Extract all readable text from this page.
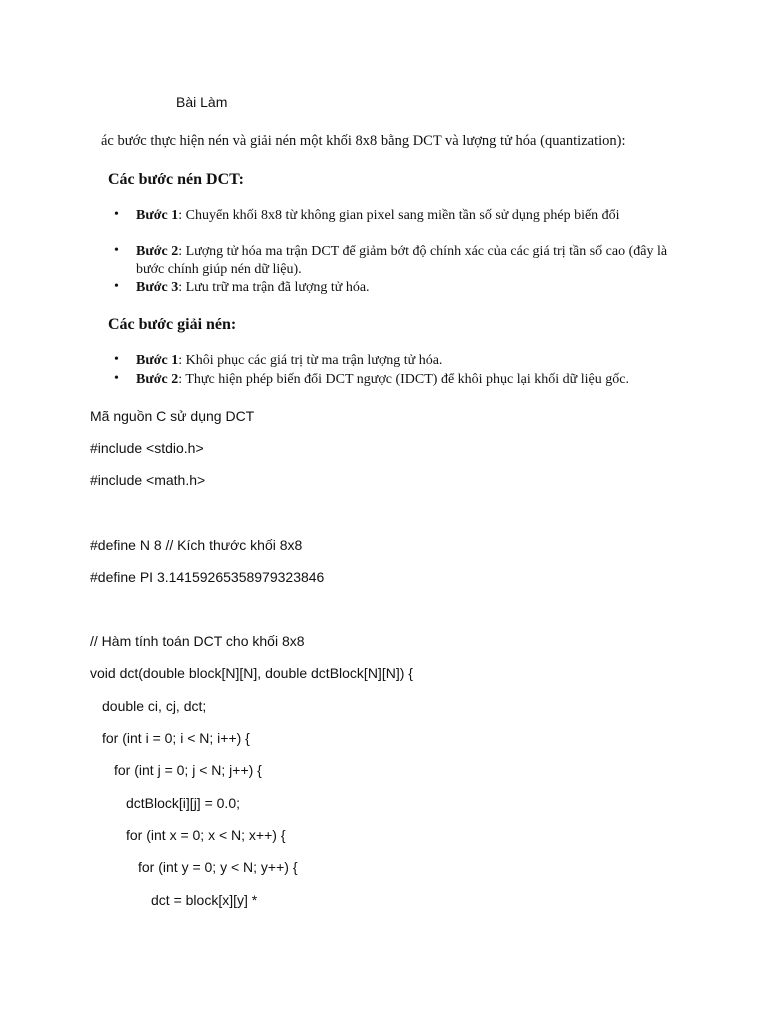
Bài Làm
ác bước thực hiện nén và giải nén một khối 8x8 bằng DCT và lượng tử hóa (quantization):
Các bước nén DCT:
• Bước 1: Chuyển khối 8x8 từ không gian pixel sang miền tần số sử dụng phép biến đổi
• Bước 2: Lượng tử hóa ma trận DCT để giảm bớt độ chính xác của các giá trị tần số cao (đây là bước chính giúp nén dữ liệu).
• Bước 3: Lưu trữ ma trận đã lượng tử hóa.
Các bước giải nén:
• Bước 1: Khôi phục các giá trị từ ma trận lượng tử hóa.
• Bước 2: Thực hiện phép biến đổi DCT ngược (IDCT) để khôi phục lại khối dữ liệu gốc.
Mã nguồn C sử dụng DCT
#include <stdio.h>
#include <math.h>
#define N 8 // Kích thước khối 8x8
#define PI 3.14159265358979323846
// Hàm tính toán DCT cho khối 8x8
void dct(double block[N][N], double dctBlock[N][N]) {
double ci, cj, dct;
for (int i = 0; i < N; i++) {
for (int j = 0; j < N; j++) {
dctBlock[i][j] = 0.0;
for (int x = 0; x < N; x++) {
for (int y = 0; y < N; y++) {
dct = block[x][y] *
